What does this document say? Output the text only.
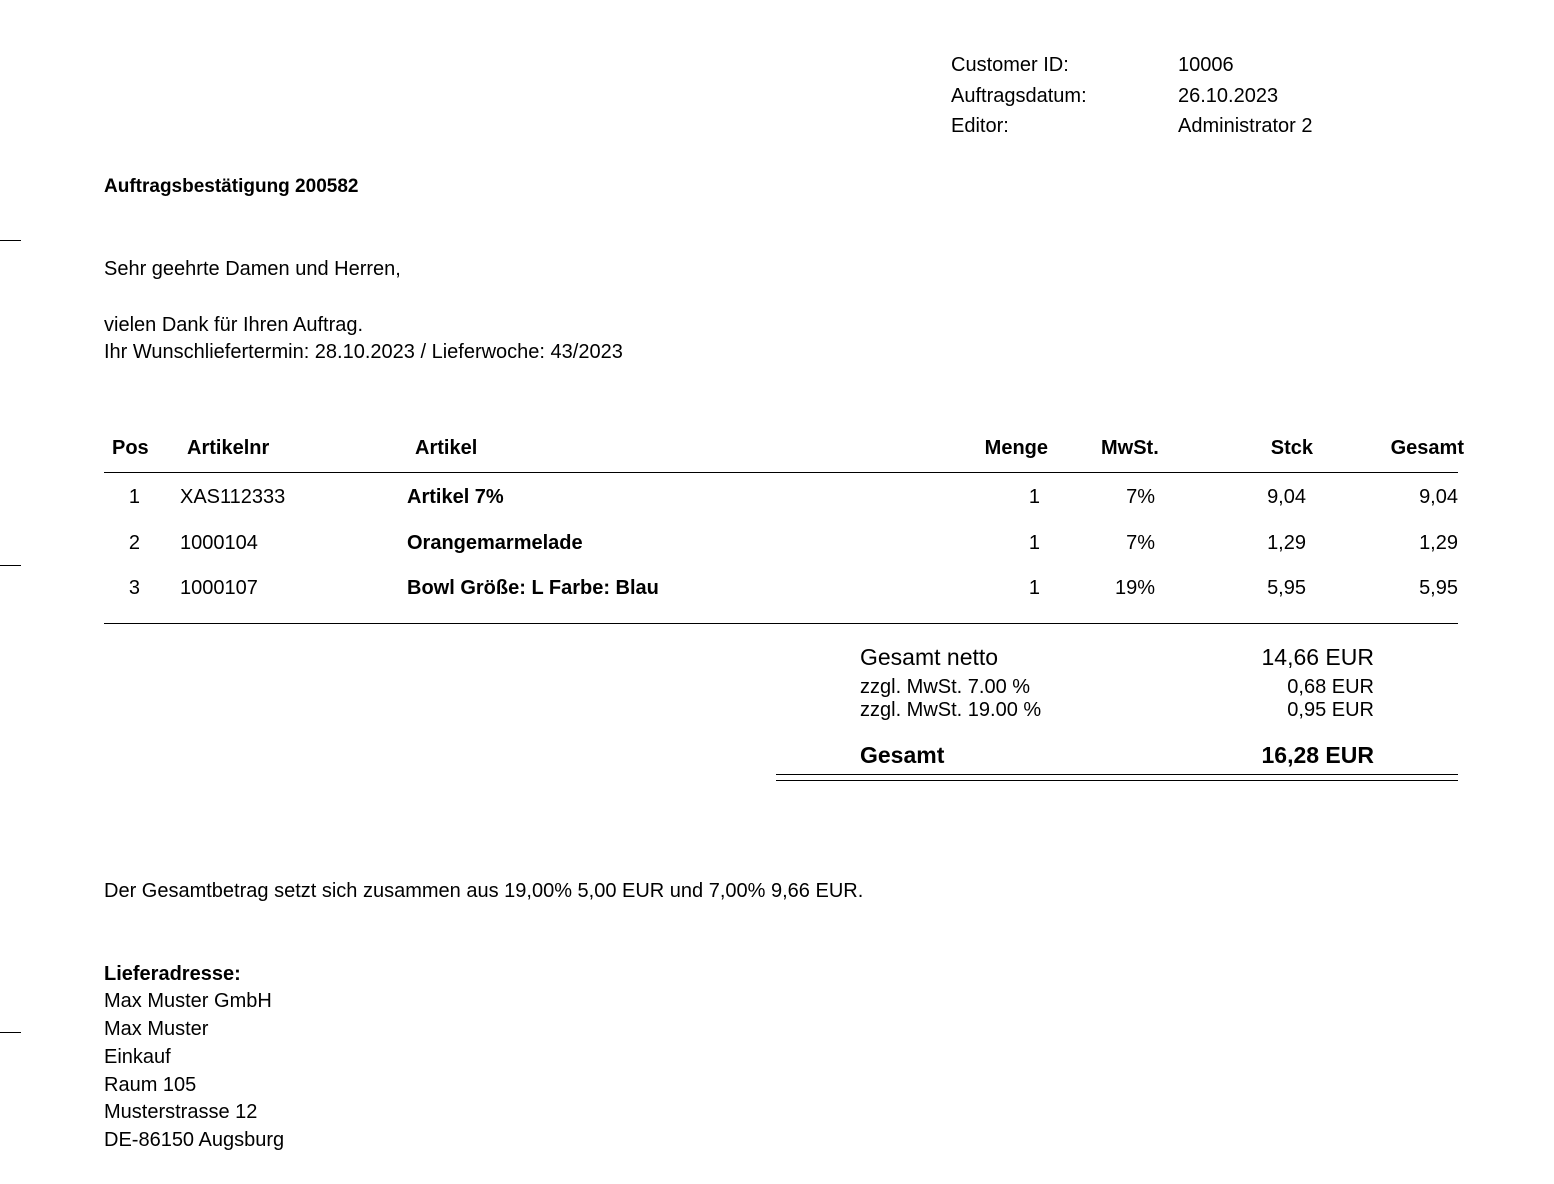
Customer ID:	10006
Auftragsdatum:	26.10.2023
Editor:	Administrator 2
Auftragsbestätigung 200582
Sehr geehrte Damen und Herren,
vielen Dank für Ihren Auftrag.
Ihr Wunschliefertermin: 28.10.2023 / Lieferwoche: 43/2023
Pos Artikelnr	Artikel	Menge	MwSt.	Stck	Gesamt
1 XAS112333	Artikel 7%	1	7%	9,04	9,04
2 1000104	Orangemarmelade	1	7%	1,29	1,29
3 1000107	Bowl Größe: L Farbe: Blau	1	19%	5,95	5,95
Gesamt netto	14,66 EUR
zzgl. MwSt. 7.00 %	0,68 EUR
zzgl. MwSt. 19.00 %	0,95 EUR
Gesamt	16,28 EUR
Der Gesamtbetrag setzt sich zusammen aus 19,00% 5,00 EUR und 7,00% 9,66 EUR.
Lieferadresse:
Max Muster GmbH
Max Muster
Einkauf
Raum 105
Musterstrasse 12
DE-86150 Augsburg
